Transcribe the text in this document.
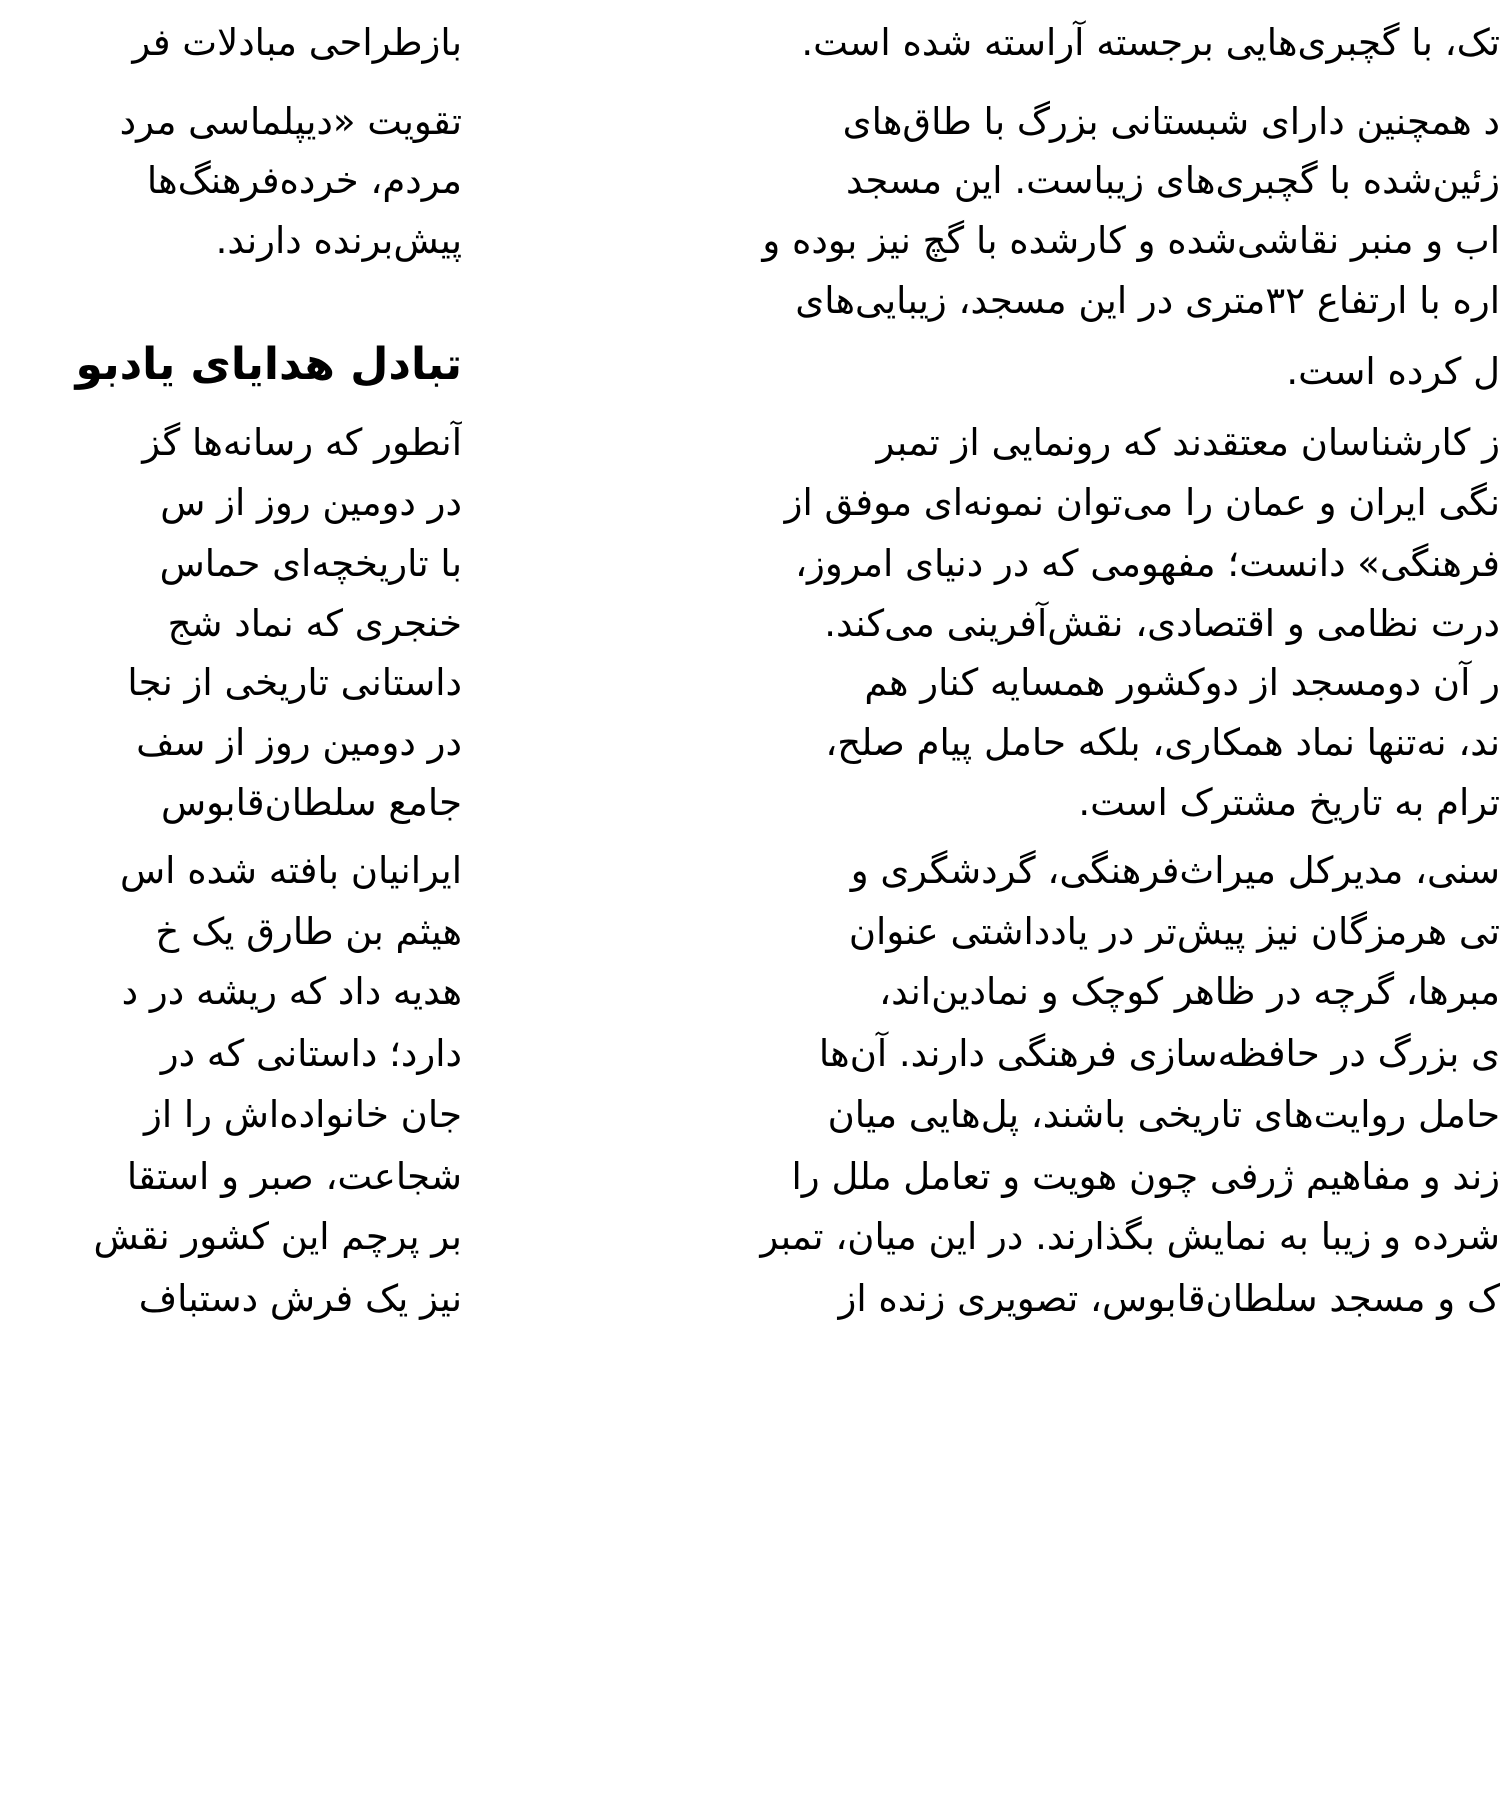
تک، با گچبری‌هایی برجسته آراسته شده است.
د همچنین دارای شبستانی بزرگ با طاق‌های
زئین‌شده با گچبری‌های زیباست. این مسجد
اب و منبر نقاشی‌شده و کارشده با گچ نیز بوده و
اره با ارتفاع ۳۲متری در این مسجد، زیبایی‌های
ل کرده است.
ز کارشناسان معتقدند که رونمایی از تمبر
نگی ایران و عمان را می‌توان نمونه‌ای موفق از
فرهنگی» دانست؛ مفهومی که در دنیای امروز،
درت نظامی و اقتصادی، نقش‌آفرینی می‌کند.
ر آن دومسجد از دوکشور همسایه کنار هم
ند، نه‌تنها نماد همکاری، بلکه حامل پیام صلح،
ترام به تاریخ مشترک است.
سنی، مدیرکل میراث‌فرهنگی، گردشگری و
تی هرمزگان نیز پیش‌تر در یادداشتی عنوان
مبرها، گرچه در ظاهر کوچک و نمادین‌اند،
ی بزرگ در حافظه‌سازی فرهنگی دارند. آن‌ها
حامل روایت‌های تاریخی باشند، پل‌هایی میان
زند و مفاهیم ژرفی چون هویت و تعامل ملل را
شرده و زیبا به نمایش بگذارند. در این میان، تمبر
ک و مسجد سلطان‌قابوس، تصویری زنده از
بازطراحی مبادلات فر
تقویت «دیپلماسی مرد
مردم، خرده‌فرهنگ‌ها
پیش‌برنده دارند.
تبادل هدایای یادبو
آنطور که رسانه‌ها گز
در دومین روز از س
با تاریخچه‌ای حماس
خنجری که نماد شج
داستانی تاریخی از نجا
در دومین روز از سف
جامع سلطان‌قابوس
ایرانیان بافته شده اس
هیثم بن طارق یک خ
هدیه داد که ریشه در د
دارد؛ داستانی که در
جان خانواده‌اش را از
شجاعت، صبر و استقا
بر پرچم این کشور نقش
نیز یک فرش دستباف
